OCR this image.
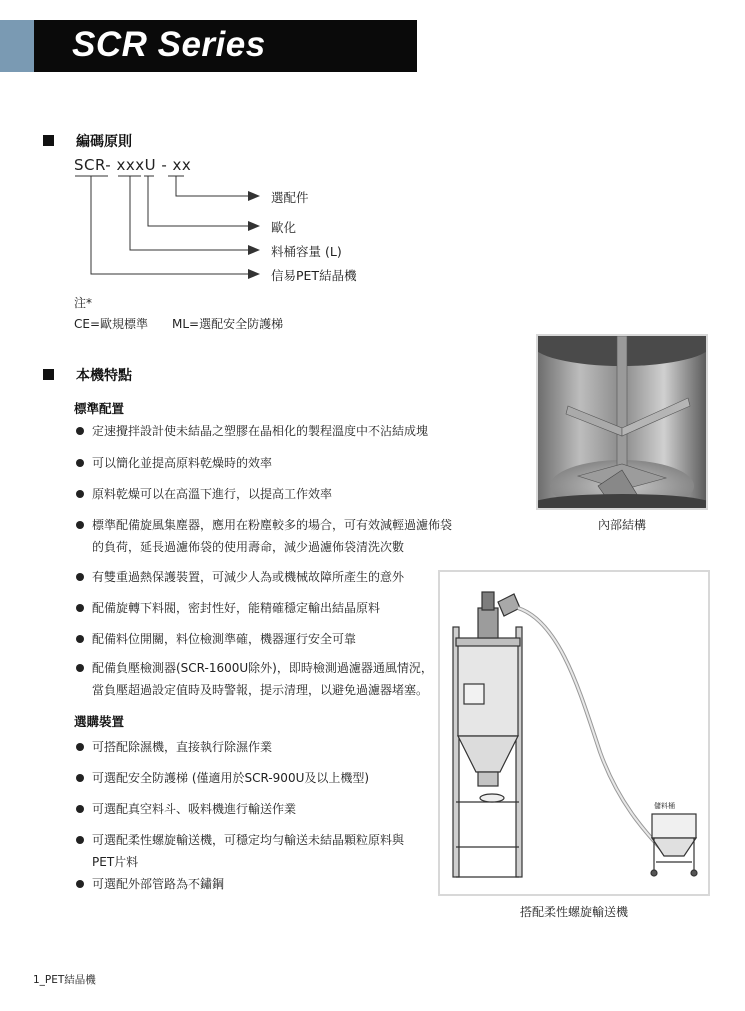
SCR Series
編碼原則
SCR- xxxU - xx
選配件
歐化
料桶容量 (L)
信易PET結晶機
注*
CE=歐規標準　　ML=選配安全防護梯
本機特點
標準配置
定速攪拌設計使未結晶之塑膠在晶相化的製程溫度中不沾結成塊
可以簡化並提高原料乾燥時的效率
原料乾燥可以在高溫下進行，以提高工作效率
標準配備旋風集塵器，應用在粉塵較多的場合，可有效減輕過濾佈袋
的負荷，延長過濾佈袋的使用壽命，減少過濾佈袋清洗次數
有雙重過熱保護裝置，可減少人為或機械故障所產生的意外
配備旋轉下料閥，密封性好，能精確穩定輸出結晶原料
配備料位開關，料位檢測準確，機器運行安全可靠
配備負壓檢測器(SCR-1600U除外)，即時檢測過濾器通風情況，
當負壓超過設定值時及時警報，提示清理，以避免過濾器堵塞。
選購裝置
可搭配除濕機，直接執行除濕作業
可選配安全防護梯 (僅適用於SCR-900U及以上機型)
可選配真空料斗、吸料機進行輸送作業
可選配柔性螺旋輸送機，可穩定均勻輸送未結晶顆粒原料與
PET片料
可選配外部管路為不鏽鋼
內部結構
儲料桶
搭配柔性螺旋輸送機
1_PET結晶機
